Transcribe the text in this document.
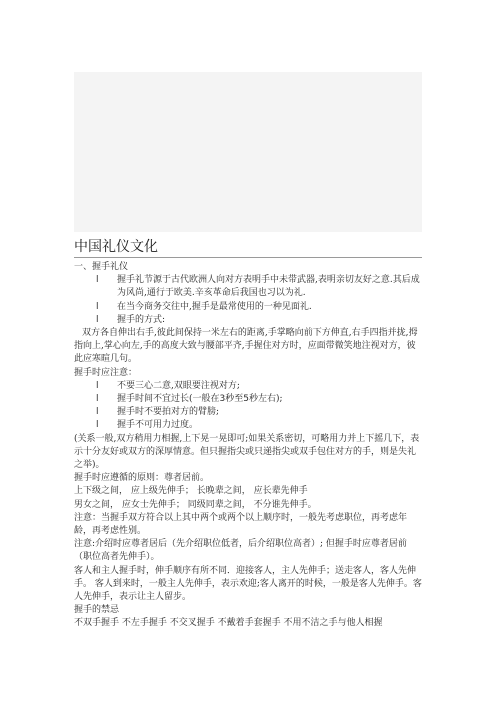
中国礼仪文化

一、握手礼仪

l 握手礼节源于古代欧洲人向对方表明手中未带武器,表明亲切友好之意.其后成为风尚,通行于欧美.辛亥革命后我国也习以为礼.

l 在当今商务交往中,握手是最常使用的一种见面礼.

l 握手的方式:

双方各自伸出右手,彼此间保持一米左右的距离,手掌略向前下方伸直,右手四指并拢,拇指向上,掌心向左,手的高度大致与腰部平齐,手握住对方时，应面带微笑地注视对方，彼此应寒暄几句。

握手时应注意：

l 不要三心二意,双眼要注视对方;

l 握手时间不宜过长(一般在3秒至5秒左右);

l 握手时不要拍对方的臂膀;

l 握手不可用力过度。

(关系一般,双方稍用力相握,上下晃一晃即可;如果关系密切，可略用力并上下摇几下，表示十分友好或双方的深厚情意。但只握指尖或只递指尖或双手包住对方的手，则是失礼之举)。

握手时应遵循的原则：尊者居前。

上下级之间， 应上级先伸手； 长晚辈之间， 应长辈先伸手

男女之间， 应女士先伸手； 同级同辈之间， 不分谁先伸手。

注意：当握手双方符合以上其中两个或两个以上顺序时，一般先考虑职位，再考虑年龄，再考虑性别。

注意:介绍时应尊者居后（先介绍职位低者，后介绍职位高者）; 但握手时应尊者居前（职位高者先伸手）。

客人和主人握手时，伸手顺序有所不同．迎接客人，主人先伸手；送走客人，客人先伸手。 客人到来时，一般主人先伸手，表示欢迎;客人离开的时候，一般是客人先伸手。客人先伸手，表示让主人留步。

握手的禁忌

不双手握手 不左手握手 不交叉握手 不戴着手套握手 不用不洁之手与他人相握
